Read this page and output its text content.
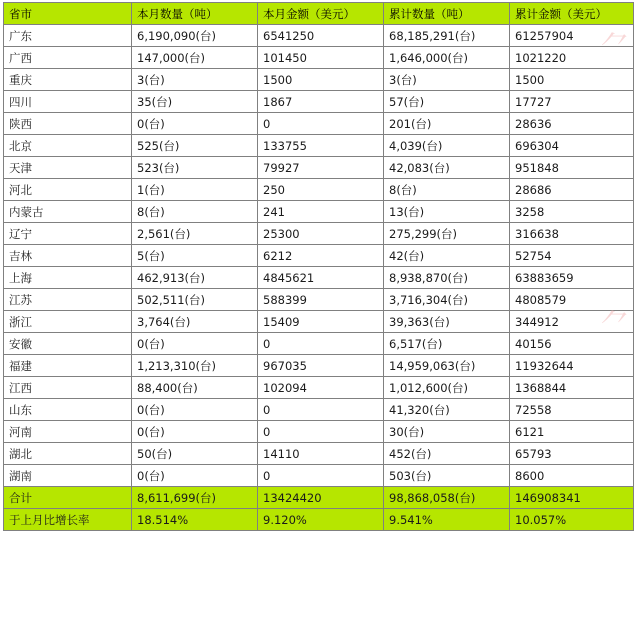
⺈
⺈
省市	本月数量（吨）	本月金额（美元）	累计数量（吨）	累计金额（美元）
广东	6,190,090(台)	6541250	68,185,291(台)	61257904
广西	147,000(台)	101450	1,646,000(台)	1021220
重庆	3(台)	1500	3(台)	1500
四川	35(台)	1867	57(台)	17727
陕西	0(台)	0	201(台)	28636
北京	525(台)	133755	4,039(台)	696304
天津	523(台)	79927	42,083(台)	951848
河北	1(台)	250	8(台)	28686
内蒙古	8(台)	241	13(台)	3258
辽宁	2,561(台)	25300	275,299(台)	316638
吉林	5(台)	6212	42(台)	52754
上海	462,913(台)	4845621	8,938,870(台)	63883659
江苏	502,511(台)	588399	3,716,304(台)	4808579
浙江	3,764(台)	15409	39,363(台)	344912
安徽	0(台)	0	6,517(台)	40156
福建	1,213,310(台)	967035	14,959,063(台)	11932644
江西	88,400(台)	102094	1,012,600(台)	1368844
山东	0(台)	0	41,320(台)	72558
河南	0(台)	0	30(台)	6121
湖北	50(台)	14110	452(台)	65793
湖南	0(台)	0	503(台)	8600
合计	8,611,699(台)	13424420	98,868,058(台)	146908341
于上月比增长率	18.514%	9.120%	9.541%	10.057%
